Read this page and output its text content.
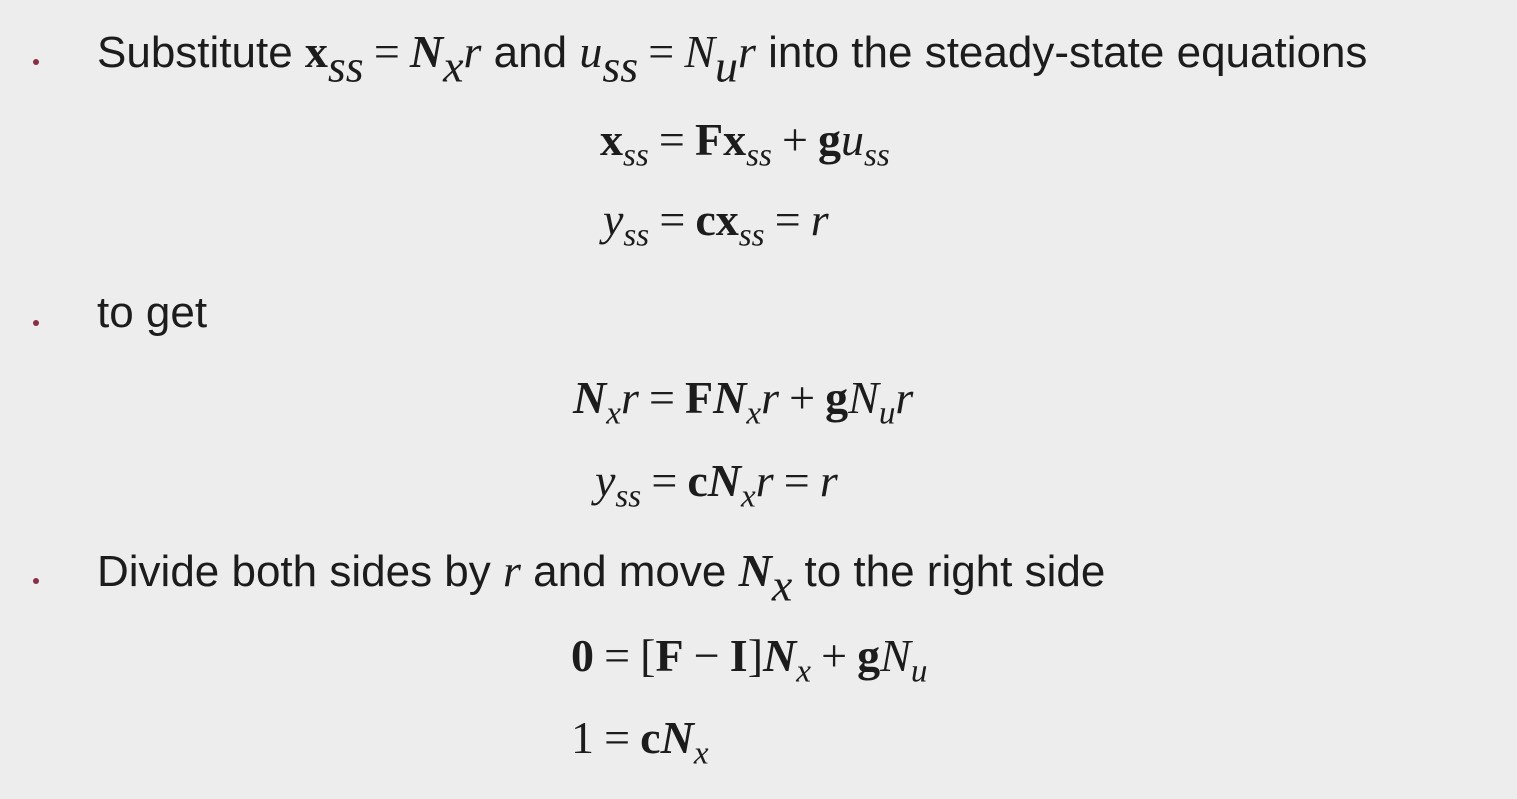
Substitute $x_{ss} = N_xr$ and $u_{ss} = N_ur$ into the steady-state equations
$x_{ss} = Fx_{ss} + gu_{ss}$
$y_{ss} = cx_{ss} = r$
to get
$N_xr = FN_xr + gN_ur$
$y_{ss} = cN_xr = r$
Divide both sides by r and move $N_x$ to the right side
$0 = [F - I]N_x + gN_u$
$1 = cN_x$
